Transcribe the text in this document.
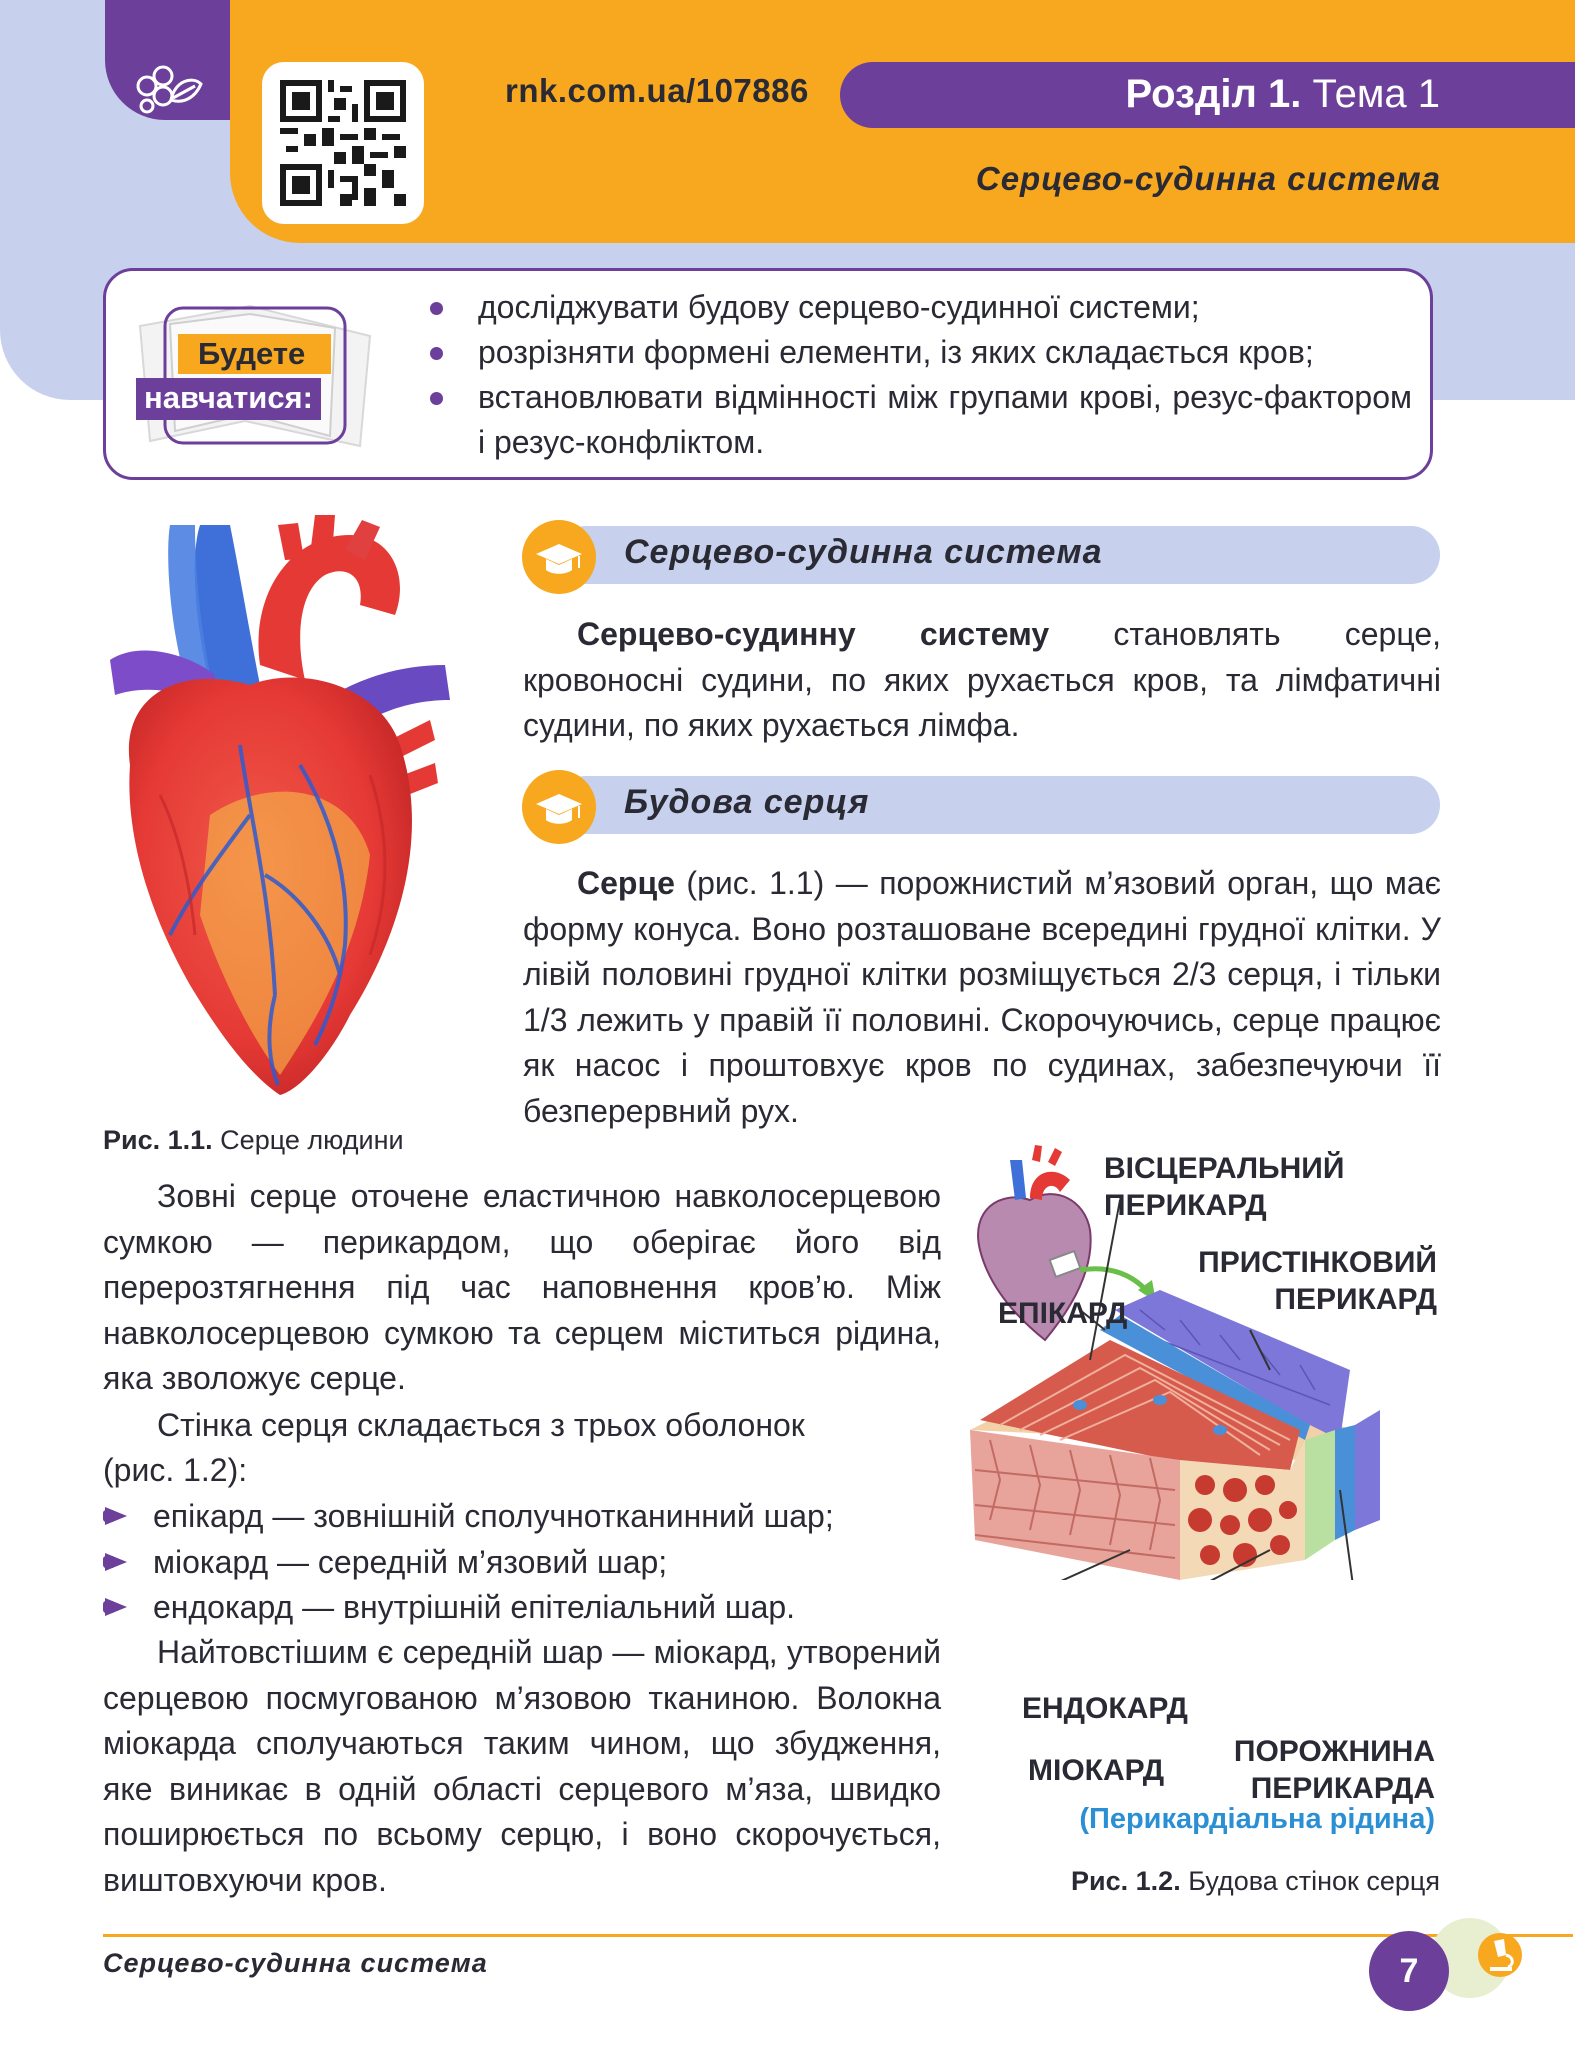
rnk.com.ua/107886	Розділ 1. Тема 1
Серцево-судинна система
Будете
навчатися:
досліджувати будову серцево-судинної системи;
розрізняти формені елементи, із яких складається кров;
встановлювати відмінності між групами крові, резус-фактором і резус-конфліктом.
Рис. 1.1. Серце людини
Серцево-судинна система

Серцево-судинну систему становлять серце, кровоносні судини, по яких рухається кров, та лімфатичні судини, по яких рухається лімфа.

Будова серця

Серце (рис. 1.1) — порожнистий м’язовий орган, що має форму конуса. Воно розташоване всередині грудної клітки. У лівій половині грудної клітки розміщується 2/3 серця, і тільки 1/3 лежить у правій її половині. Скорочуючись, серце працює як насос і проштовхує кров по судинах, забезпечуючи її безперервний рух.

Зовні серце оточене еластичною навколосерцевою сумкою — перикардом, що оберігає його від перерозтягнення під час наповнення кров’ю. Між навколосерцевою сумкою та серцем міститься рідина, яка зволожує серце.

Стінка серця складається з трьох оболонок

(рис. 1.2):

епікард — зовнішній сполучнотканинний шар;
міокард — середній м’язовий шар;
ендокард — внутрішній епітеліальний шар.

Найтовстішим є середній шар — міокард, утворений серцевою посмугованою м’язовою тканиною. Волокна міокарда сполучаються таким чином, що збудження, яке виникає в одній області серцевого м’яза, швидко поширюється по всьому серцю, і воно скорочується, виштовхуючи кров.

ВІСЦЕРАЛЬНИЙ
ПЕРИКАРД
ПРИСТІНКОВИЙ
ПЕРИКАРД
ЕПІКАРД
ЕНДОКАРД
МІОКАРД
ПОРОЖНИНА
ПЕРИКАРДА
(Перикардіальна рідина)
Рис. 1.2. Будова стінок серця
Серцево-судинна система	7
